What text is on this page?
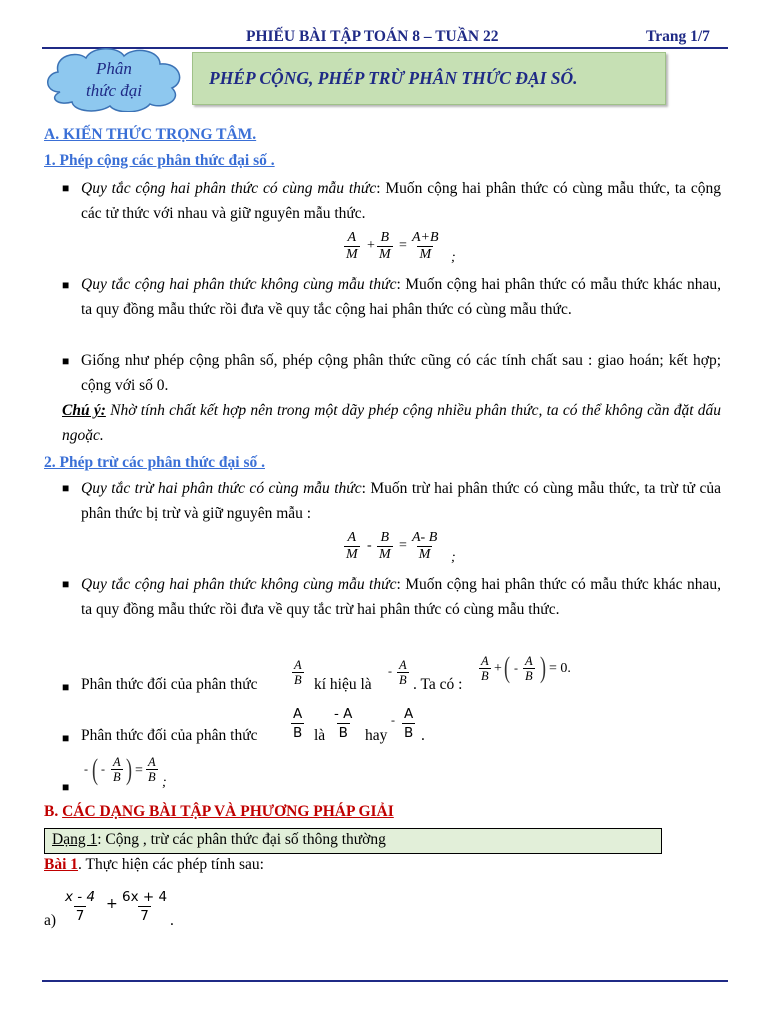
PHIẾU BÀI TẬP TOÁN 8 – TUẦN 22	Trang 1/7
Phân
thức đại
PHÉP CỘNG, PHÉP TRỪ PHÂN THỨC ĐẠI SỐ.
A. KIẾN THỨC TRỌNG TÂM.
1. Phép cộng các phân thức đại số .
■ Quy tắc cộng hai phân thức có cùng mẫu thức: Muốn cộng hai phân thức có cùng mẫu thức, ta cộng các tử thức với nhau và giữ nguyên mẫu thức.
$\frac{A}{M} + \frac{B}{M} = \frac{A+B}{M}$ ;
■ Quy tắc cộng hai phân thức không cùng mẫu thức: Muốn cộng hai phân thức có mẫu thức khác nhau, ta quy đồng mẫu thức rồi đưa về quy tắc cộng hai phân thức có cùng mẫu thức.
■ Giống như phép cộng phân số, phép cộng phân thức cũng có các tính chất sau : giao hoán; kết hợp; cộng với số 0.
Chú ý: Nhờ tính chất kết hợp nên trong một dãy phép cộng nhiều phân thức, ta có thể không cần đặt dấu ngoặc.
2. Phép trừ các phân thức đại số .
■ Quy tắc trừ hai phân thức có cùng mẫu thức: Muốn trừ hai phân thức có cùng mẫu thức, ta trừ tử của phân thức bị trừ và giữ nguyên mẫu :
$\frac{A}{M} - \frac{B}{M} = \frac{A- B}{M}$ ;
■ Quy tắc cộng hai phân thức không cùng mẫu thức: Muốn cộng hai phân thức có mẫu thức khác nhau, ta quy đồng mẫu thức rồi đưa về quy tắc trừ hai phân thức có cùng mẫu thức.
■ Phân thức đối của phân thức	$\frac{A}{B}$ kí hiệu là
- $\frac{A}{B}$ . Ta có :
$\frac{A}{B}$ + ( - $\frac{A}{B}$ ) = 0.
■ Phân thức đối của phân thức $\frac{A}{B}$ là $\frac{- A}{B}$ hay
- $\frac{A}{B}$ .
■
- ( - $\frac{A}{B}$ ) = $\frac{A}{B}$ ;
B. CÁC DẠNG BÀI TẬP VÀ PHƯƠNG PHÁP GIẢI
Dạng 1: Cộng , trừ các phân thức đại số thông thường
Bài 1. Thực hiện các phép tính sau:
$a) \frac{x - 4}{7} + \frac{6x + 4}{7}$ .
